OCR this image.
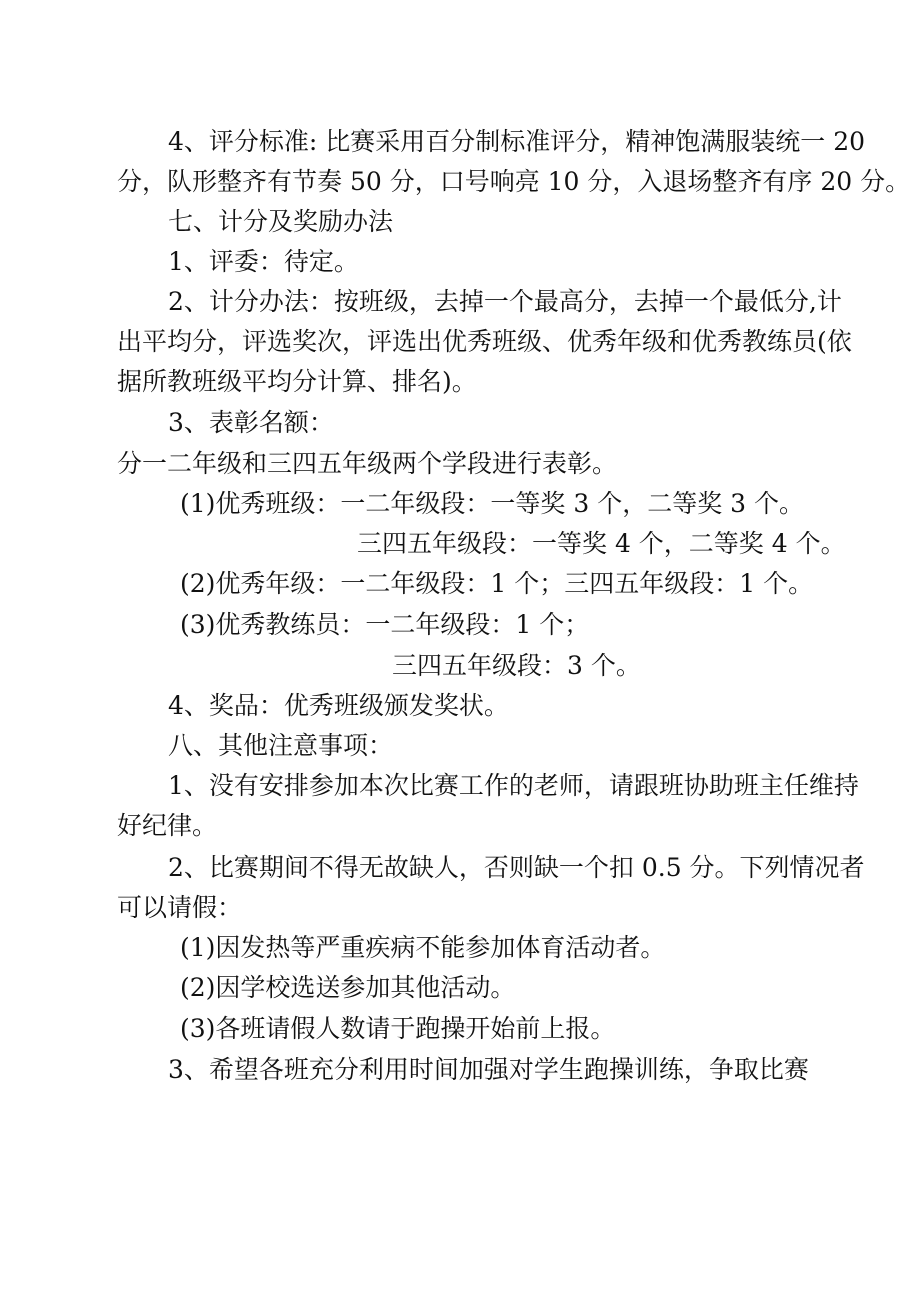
4、评分标准: 比赛采用百分制标准评分，精神饱满服装统一 20
分，队形整齐有节奏 50 分，口号响亮 10 分，入退场整齐有序 20 分。
七、计分及奖励办法
1、评委：待定。
2、计分办法：按班级，去掉一个最高分，去掉一个最低分,计
出平均分，评选奖次，评选出优秀班级、优秀年级和优秀教练员(依
据所教班级平均分计算、排名)。
3、表彰名额：
分一二年级和三四五年级两个学段进行表彰。
(1)优秀班级：一二年级段：一等奖 3 个，二等奖 3 个。
三四五年级段：一等奖 4 个，二等奖 4 个。
(2)优秀年级：一二年级段：1 个；三四五年级段：1 个。
(3)优秀教练员：一二年级段：1 个；
三四五年级段：3 个。
4、奖品：优秀班级颁发奖状。
八、其他注意事项：
1、没有安排参加本次比赛工作的老师，请跟班协助班主任维持
好纪律。
2、比赛期间不得无故缺人，否则缺一个扣 0.5 分。下列情况者
可以请假：
(1)因发热等严重疾病不能参加体育活动者。
(2)因学校选送参加其他活动。
(3)各班请假人数请于跑操开始前上报。
3、希望各班充分利用时间加强对学生跑操训练，争取比赛
